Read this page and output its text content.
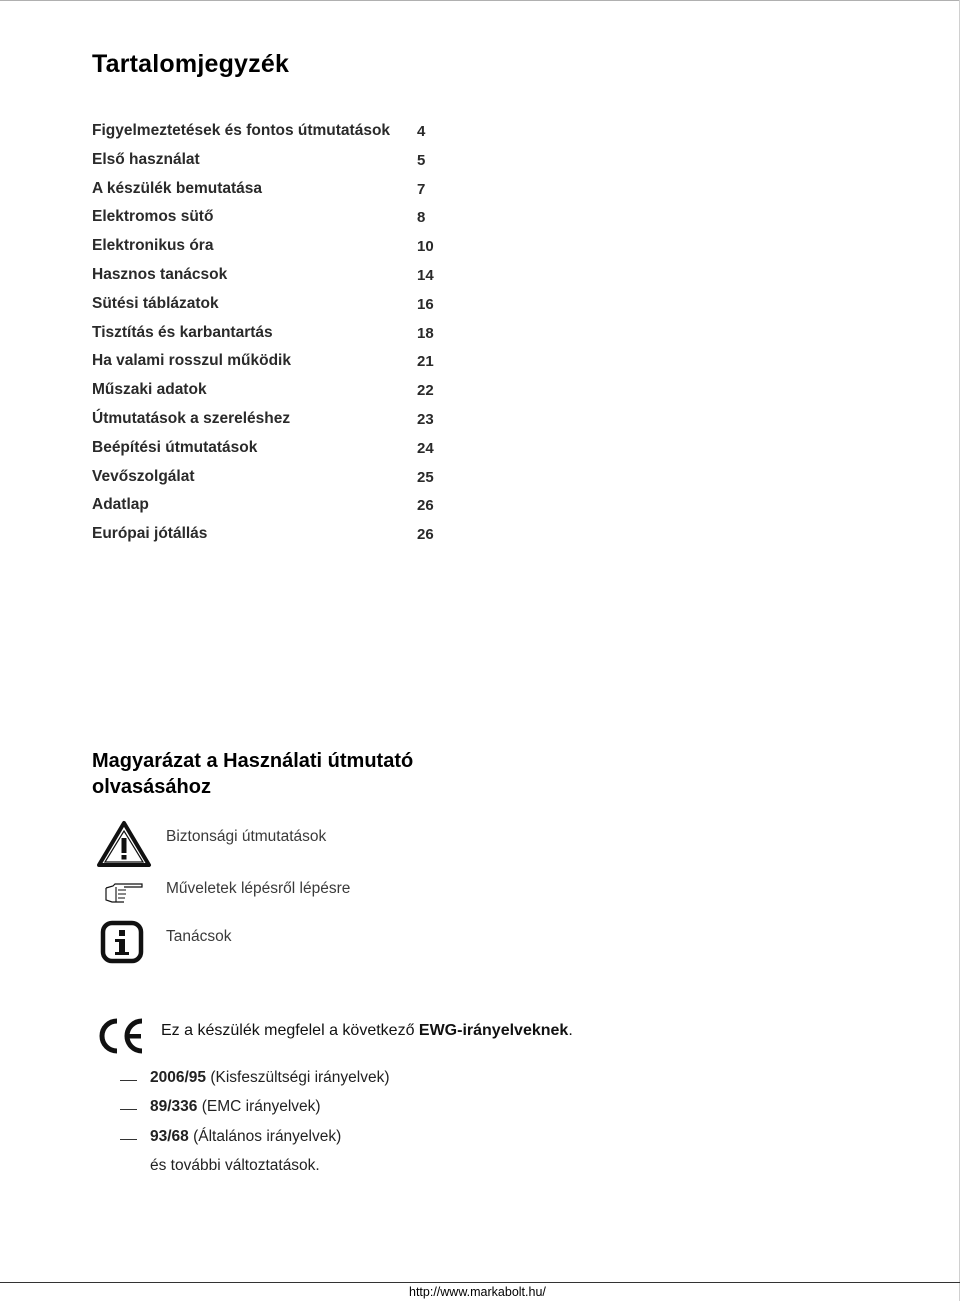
Tartalomjegyzék
Figyelmeztetések és fontos útmutatások 4
Első használat	5
A készülék bemutatása	7
Elektromos sütő	8
Elektronikus óra	10
Hasznos tanácsok	14
Sütési táblázatok	16
Tisztítás és karbantartás	18
Ha valami rosszul működik	21
Műszaki adatok	22
Útmutatások a szereléshez	23
Beépítési útmutatások	24
Vevőszolgálat	25
Adatlap	26
Európai jótállás	26
Magyarázat a Használati útmutató olvasásához
Biztonsági útmutatások
Műveletek lépésről lépésre
Tanácsok
Ez a készülék megfelel a következő EWG-irányelveknek.
2006/95 (Kisfeszültségi irányelvek)
89/336 (EMC irányelvek)
93/68 (Általános irányelvek)
és további változtatások.
http://www.markabolt.hu/
